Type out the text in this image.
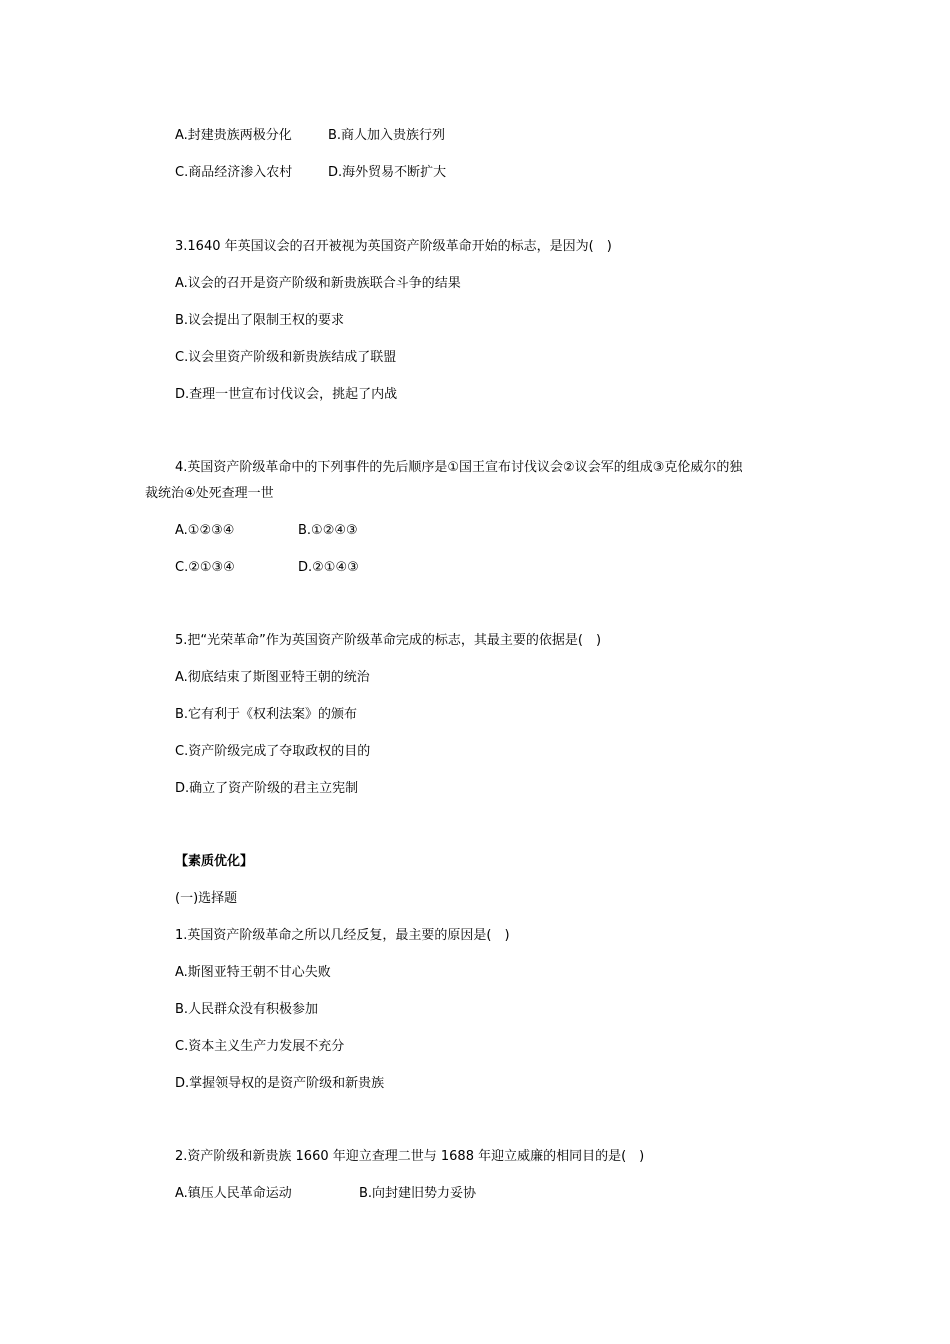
A.封建贵族两极分化	B.商人加入贵族行列
C.商品经济渗入农村	D.海外贸易不断扩大
3.1640 年英国议会的召开被视为英国资产阶级革命开始的标志，是因为(　)
A.议会的召开是资产阶级和新贵族联合斗争的结果
B.议会提出了限制王权的要求
C.议会里资产阶级和新贵族结成了联盟
D.查理一世宣布讨伐议会，挑起了内战
4.英国资产阶级革命中的下列事件的先后顺序是①国王宣布讨伐议会②议会军的组成③克伦威尔的独
裁统治④处死查理一世
A.①②③④	B.①②④③
C.②①③④	D.②①④③
5.把“光荣革命”作为英国资产阶级革命完成的标志，其最主要的依据是(　)
A.彻底结束了斯图亚特王朝的统治
B.它有利于《权利法案》的颁布
C.资产阶级完成了夺取政权的目的
D.确立了资产阶级的君主立宪制
【素质优化】
(一)选择题
1.英国资产阶级革命之所以几经反复，最主要的原因是(　)
A.斯图亚特王朝不甘心失败
B.人民群众没有积极参加
C.资本主义生产力发展不充分
D.掌握领导权的是资产阶级和新贵族
2.资产阶级和新贵族 1660 年迎立查理二世与 1688 年迎立威廉的相同目的是(　)
A.镇压人民革命运动	B.向封建旧势力妥协
